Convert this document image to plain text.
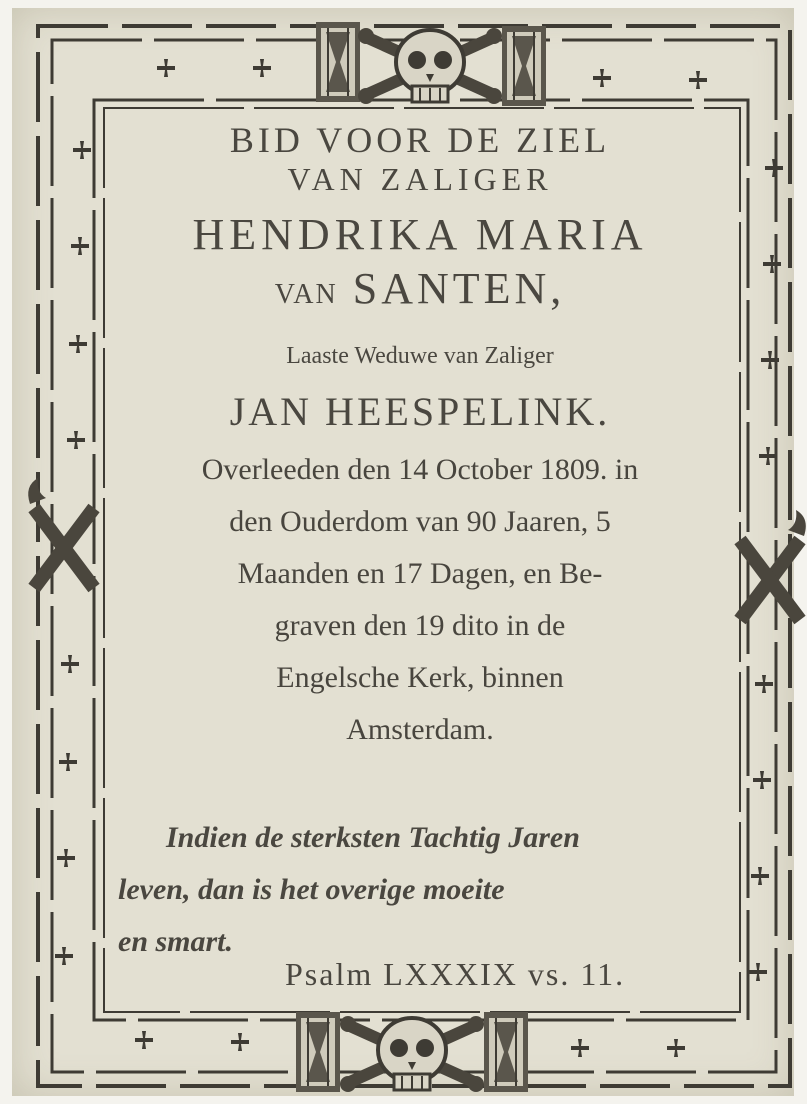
BID VOOR DE ZIEL
VAN ZALIGER
HENDRIKA MARIA
VAN SANTEN,
Laaste Weduwe van Zaliger
JAN HEESPELINK.
Overleeden den 14 October 1809. in
den Ouderdom van 90 Jaaren, 5
Maanden en 17 Dagen, en Be-
graven den 19 dito in de
Engelsche Kerk, binnen
Amsterdam.
Indien de sterksten Tachtig Jaren
leven, dan is het overige moeite
en smart.
Psalm LXXXIX vs. 11.
